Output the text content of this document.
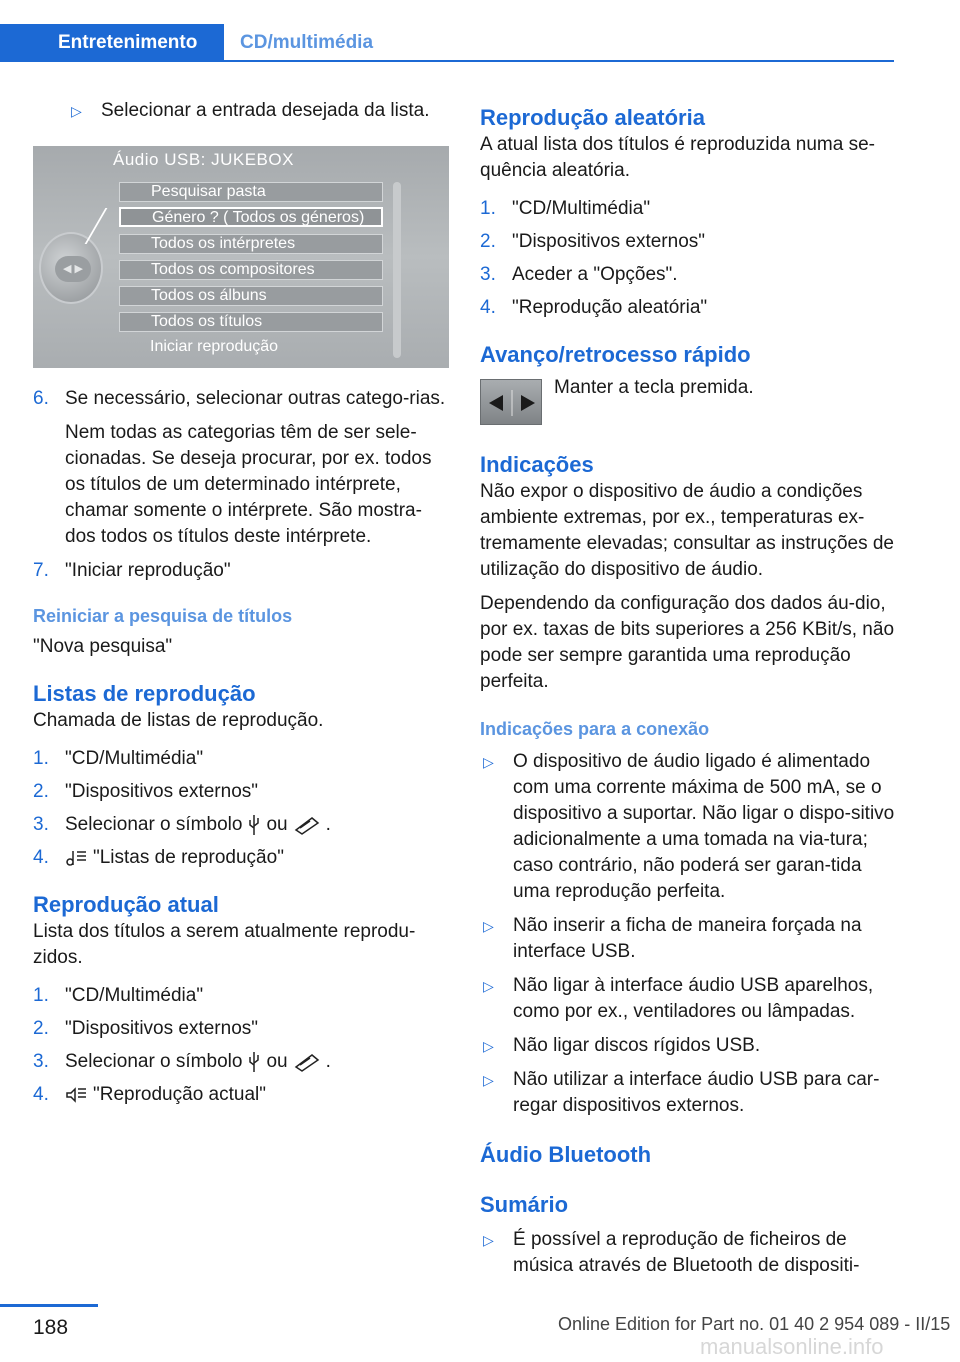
Entretenimento	CD/multimédia
▷	Selecionar a entrada desejada da lista.
Áudio USB: JUKEBOX
◀ ▶
Pesquisar pasta
Género ? ( Todos os géneros)
Todos os intérpretes
Todos os compositores
Todos os álbuns
Todos os títulos
Iniciar reprodução
6. Se necessário, selecionar outras catego-rias.
Nem todas as categorias têm de ser sele-cionadas. Se deseja procurar, por ex. todos os títulos de um determinado intérprete, chamar somente o intérprete. São mostra-dos todos os títulos deste intérprete.
7. "Iniciar reprodução"
Reiniciar a pesquisa de títulos
"Nova pesquisa"
Listas de reprodução
Chamada de listas de reprodução.
1. "CD/Multimédia"
2. "Dispositivos externos"
3. Selecionar o símbolo ou .
4.	"Listas de reprodução"
Reprodução atual
Lista dos títulos a serem atualmente reprodu-zidos.
1. "CD/Multimédia"
2. "Dispositivos externos"
3. Selecionar o símbolo ou .
4.	"Reprodução actual"
Reprodução aleatória
A atual lista dos títulos é reproduzida numa se-quência aleatória.
1. "CD/Multimédia"
2. "Dispositivos externos"
3. Aceder a "Opções".
4. "Reprodução aleatória"
Avanço/retrocesso rápido
Manter a tecla premida.
Indicações
Não expor o dispositivo de áudio a condições ambiente extremas, por ex., temperaturas ex-tremamente elevadas; consultar as instruções de utilização do dispositivo de áudio.
Dependendo da configuração dos dados áu-dio, por ex. taxas de bits superiores a 256 KBit/s, não pode ser sempre garantida uma reprodução perfeita.
Indicações para a conexão
▷	O dispositivo de áudio ligado é alimentado com uma corrente máxima de 500 mA, se o dispositivo a suportar. Não ligar o dispo-sitivo adicionalmente a uma tomada na via-tura; caso contrário, não poderá ser garan-tida uma reprodução perfeita.
▷	Não inserir a ficha de maneira forçada na interface USB.
▷	Não ligar à interface áudio USB aparelhos, como por ex., ventiladores ou lâmpadas.
▷	Não ligar discos rígidos USB.
▷	Não utilizar a interface áudio USB para car-regar dispositivos externos.
Áudio Bluetooth
Sumário
▷	É possível a reprodução de ficheiros de música através de Bluetooth de dispositi-
188	Online Edition for Part no. 01 40 2 954 089 - II/15
manualsonline.info
